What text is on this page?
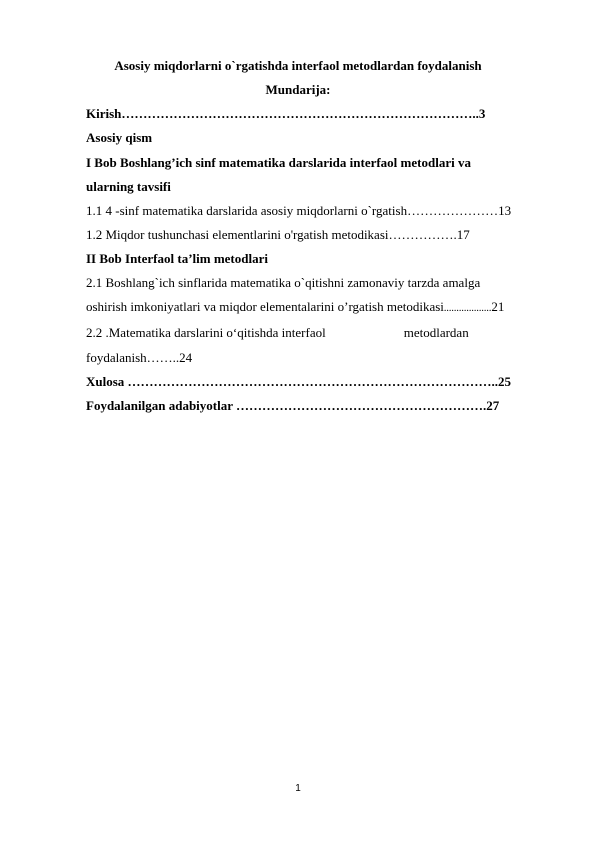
Asosiy miqdorlarni o`rgatishda interfaol metodlardan foydalanish
Mundarija:
Kirish………………………………………………………………………..3
Asosiy qism
I Bob Boshlang’ich sinf matematika darslarida interfaol metodlari va
ularning tavsifi
1.1 4 -sinf matematika darslarida asosiy miqdorlarni o`rgatish…………………13
1.2 Miqdor tushunchasi elementlarini o'rgatish metodikasi…………….17
II Bob Interfaol ta’lim metodlari
2.1 Boshlang`ich sinflarida matematika o`qitishni zamonaviy tarzda amalga
oshirish imkoniyatlari va miqdor elementalarini o’rgatish metodikasi...................21
2.2 .Matematika darslarini o‘qitishda interfaol	metodlardan
foydalanish……..24
Xulosa …………………………………………………………………………..25
Foydalanilgan adabiyotlar ………………………………………………….27
1
